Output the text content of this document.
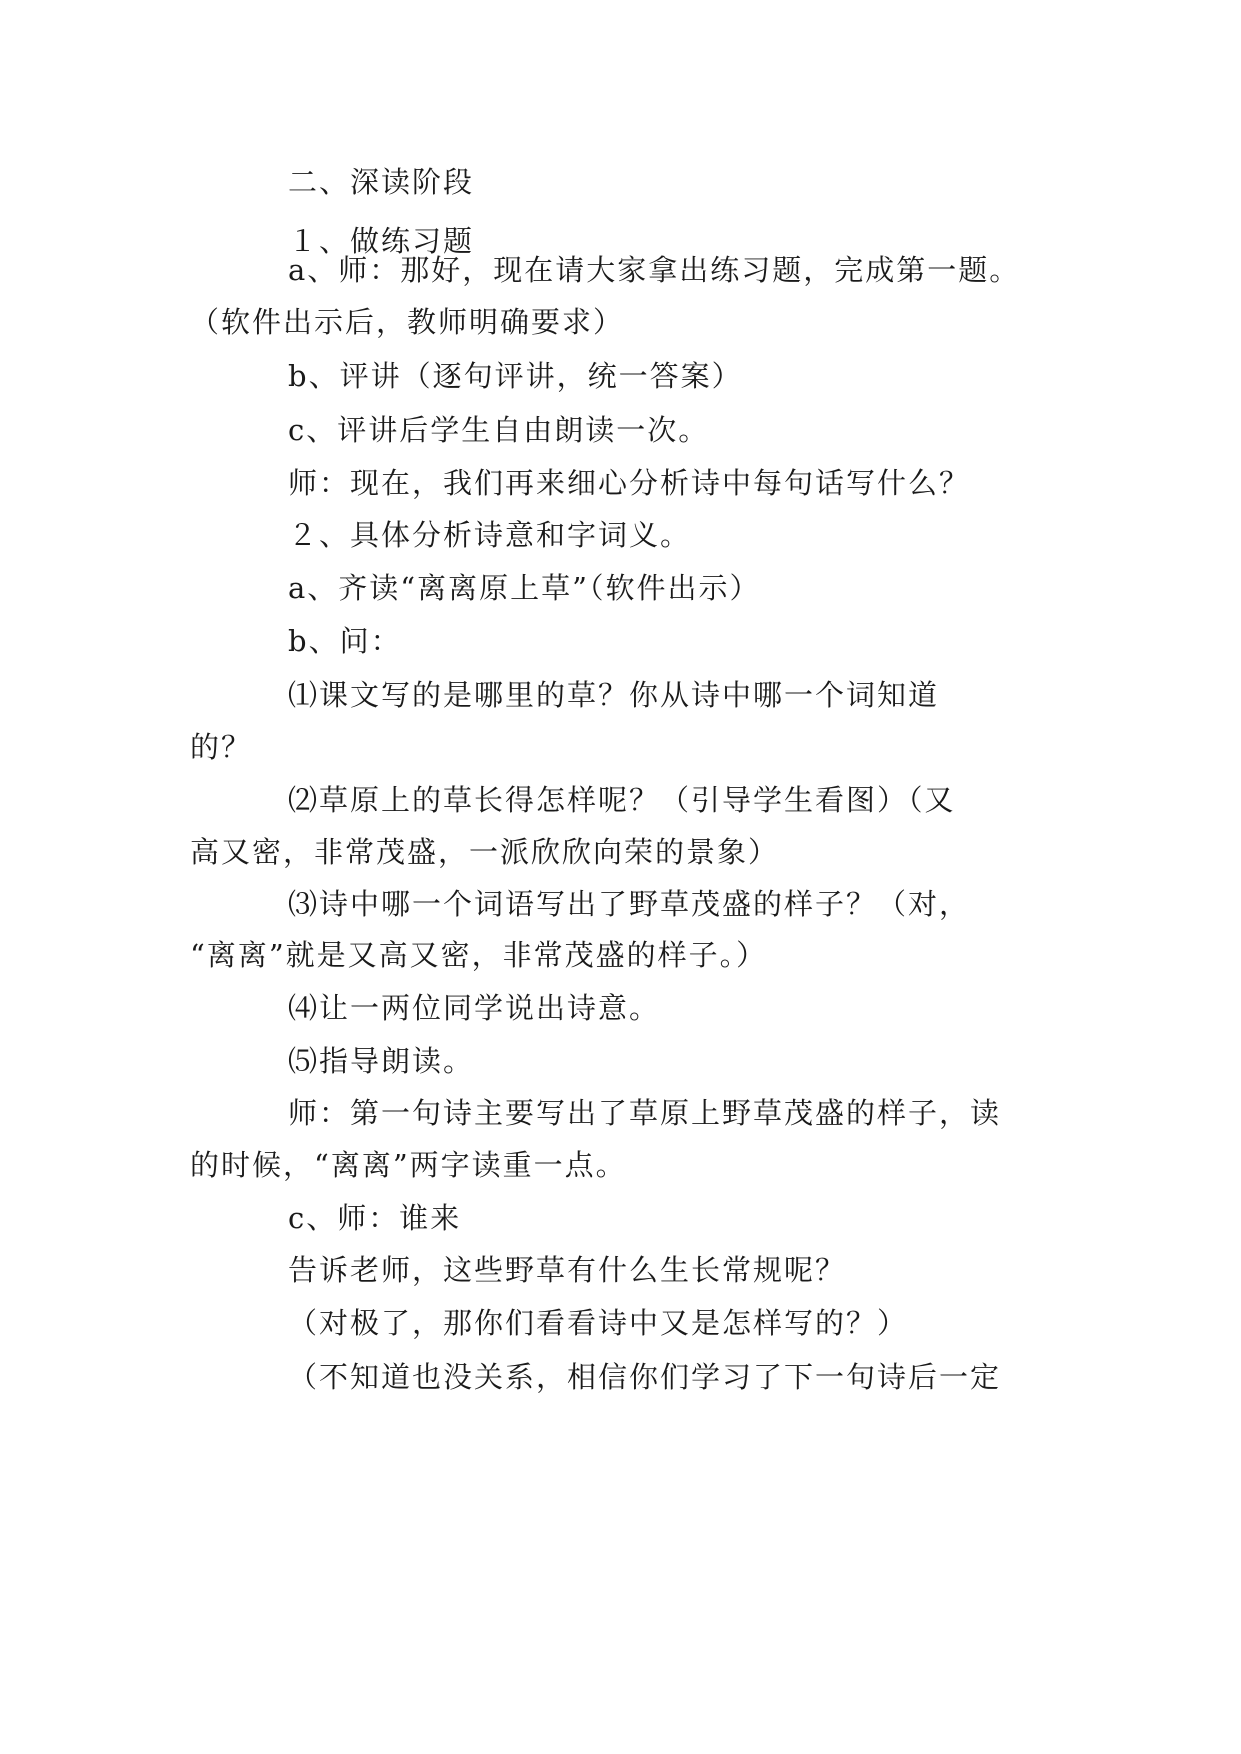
二、深读阶段
１、做练习题
a、师：那好，现在请大家拿出练习题，完成第一题。
（软件出示后，教师明确要求）
b、评讲（逐句评讲，统一答案）
c、评讲后学生自由朗读一次。
师：现在，我们再来细心分析诗中每句话写什么？
２、具体分析诗意和字词义。
a、齐读“离离原上草”（软件出示）
b、问：
⑴课文写的是哪里的草？你从诗中哪一个词知道
的？
⑵草原上的草长得怎样呢？（引导学生看图）（又
高又密，非常茂盛，一派欣欣向荣的景象）
⑶诗中哪一个词语写出了野草茂盛的样子？（对，
“离离”就是又高又密，非常茂盛的样子。）
⑷让一两位同学说出诗意。
⑸指导朗读。
师：第一句诗主要写出了草原上野草茂盛的样子，读
的时候，“离离”两字读重一点。
c、师：谁来
告诉老师，这些野草有什么生长常规呢？
（对极了，那你们看看诗中又是怎样写的？）
（不知道也没关系，相信你们学习了下一句诗后一定
